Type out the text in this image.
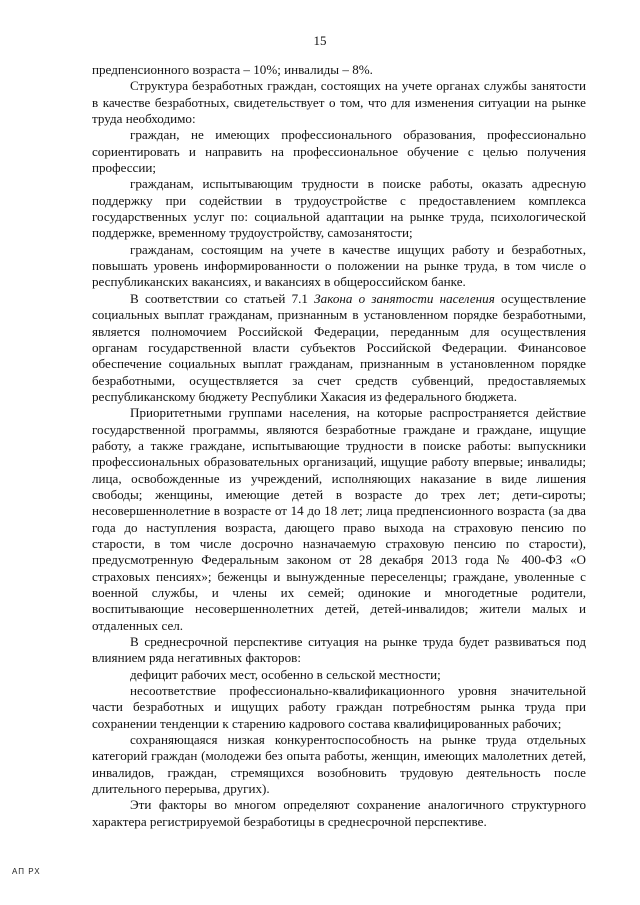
15

предпенсионного возраста – 10%; инвалиды – 8%.

Структура безработных граждан, состоящих на учете органах службы занятости в качестве безработных, свидетельствует о том, что для изменения ситуации на рынке труда необходимо:

граждан, не имеющих профессионального образования, профессионально сориентировать и направить на профессиональное обучение с целью получения профессии;

гражданам, испытывающим трудности в поиске работы, оказать адресную поддержку при содействии в трудоустройстве с предоставлением комплекса государственных услуг по: социальной адаптации на рынке труда, психологической поддержке, временному трудоустройству, самозанятости;

гражданам, состоящим на учете в качестве ищущих работу и безработных, повышать уровень информированности о положении на рынке труда, в том числе о республиканских вакансиях, и вакансиях в общероссийском банке.

В соответствии со статьей 7.1 Закона о занятости населения осуществление социальных выплат гражданам, признанным в установленном порядке безработными, является полномочием Российской Федерации, переданным для осуществления органам государственной власти субъектов Российской Федерации. Финансовое обеспечение социальных выплат гражданам, признанным в установленном порядке безработными, осуществляется за счет средств субвенций, предоставляемых республиканскому бюджету Республики Хакасия из федерального бюджета.

Приоритетными группами населения, на которые распространяется действие государственной программы, являются безработные граждане и граждане, ищущие работу, а также граждане, испытывающие трудности в поиске работы: выпускники профессиональных образовательных организаций, ищущие работу впервые; инвалиды; лица, освобожденные из учреждений, исполняющих наказание в виде лишения свободы; женщины, имеющие детей в возрасте до трех лет; дети-сироты; несовершеннолетние в возрасте от 14 до 18 лет; лица предпенсионного возраста (за два года до наступления возраста, дающего право выхода на страховую пенсию по старости, в том числе досрочно назначаемую страховую пенсию по старости), предусмотренную Федеральным законом от 28 декабря 2013 года № 400-ФЗ «О страховых пенсиях»; беженцы и вынужденные переселенцы; граждане, уволенные с военной службы, и члены их семей; одинокие и многодетные родители, воспитывающие несовершеннолетних детей, детей-инвалидов; жители малых и отдаленных сел.

В среднесрочной перспективе ситуация на рынке труда будет развиваться под влиянием ряда негативных факторов:

дефицит рабочих мест, особенно в сельской местности;

несоответствие профессионально-квалификационного уровня значительной части безработных и ищущих работу граждан потребностям рынка труда при сохранении тенденции к старению кадрового состава квалифицированных рабочих;

сохраняющаяся низкая конкурентоспособность на рынке труда отдельных категорий граждан (молодежи без опыта работы, женщин, имеющих малолетних детей, инвалидов, граждан, стремящихся возобновить трудовую деятельность после длительного перерыва, других).

Эти факторы во многом определяют сохранение аналогичного структурного характера регистрируемой безработицы в среднесрочной перспективе.

АП РХ
